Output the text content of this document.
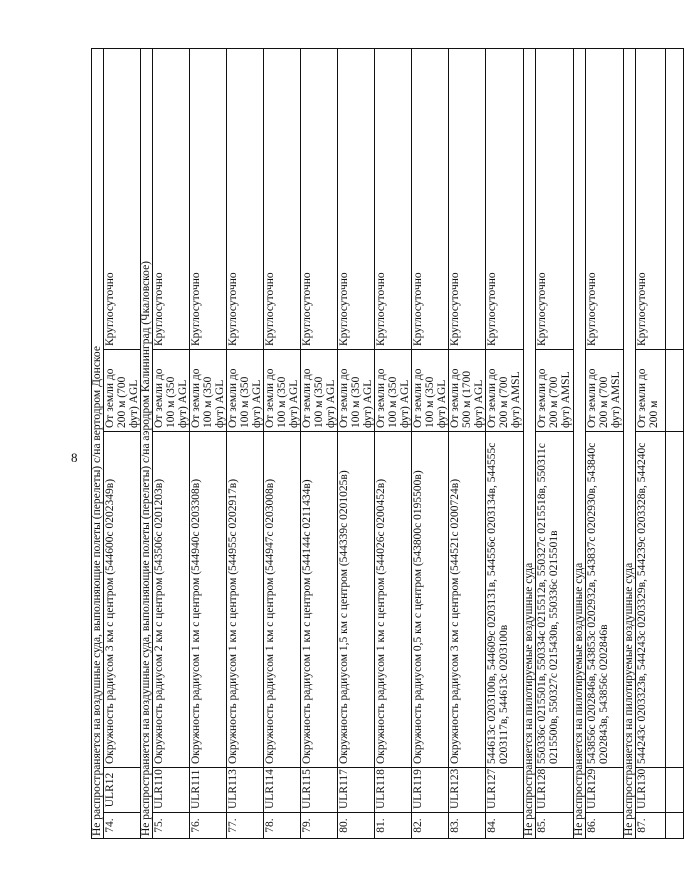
8 Не распространяется на воздушные суда, выполняющие полеты (перелеты) с/на вертодром Донское				
74.	ULR12	Окружность радиусом 3 км с центром (544600с 0202349в)	От земли до 200 м (700 фут) AGL	Круглосуточно
Не распространяется на воздушные суда, выполняющие полеты (перелеты) с/на аэродром Калининград (Чкаловское)				
75.	ULR110	Окружность радиусом 2 км с центром (543506с 0201203в)	От земли до 100 м (350 фут) AGL	Круглосуточно
76.	ULR111	Окружность радиусом 1 км с центром (544940с 0203308в)	От земли до 100 м (350 фут) AGL	Круглосуточно
77.	ULR113	Окружность радиусом 1 км с центром (544955с 0202917в)	От земли до 100 м (350 фут) AGL	Круглосуточно
78.	ULR114	Окружность радиусом 1 км с центром (544947с 0203008в)	От земли до 100 м (350 фут) AGL	Круглосуточно
79.	ULR115	Окружность радиусом 1 км с центром (544144с 0211434в)	От земли до 100 м (350 фут) AGL	Круглосуточно
80.	ULR117	Окружность радиусом 1,5 км с центром (544339с 0201025в)	От земли до 100 м (350 фут) AGL	Круглосуточно
81.	ULR118	Окружность радиусом 1 км с центром (544026с 0200452в)	От земли до 100 м (350 фут) AGL	Круглосуточно
82.	ULR119	Окружность радиусом 0,5 км с центром (543800с 0195500в)	От земли до 100 м (350 фут) AGL	Круглосуточно
83.	ULR123	Окружность радиусом 3 км с центром (544521с 0200724в)	От земли до 500 м (1700 фут) AGL	Круглосуточно
84.	ULR127	544613с 0203100в, 544609с 0203131в, 544556с 0203134в, 544555с 0203117в, 544613с 0203100в	От земли до 200 м (700 фут) AMSL	Круглосуточно
Не распространяется на пилотируемые воздушные суда				
85.	ULR128	550336с 0215501в, 550334с 0215512в, 550327с 0215518в, 550311с 0215500в, 550327с 0215430в, 550336с 0215501в	От земли до 200 м (700 фут) AMSL	Круглосуточно
Не распространяется на пилотируемые воздушные суда				
86.	ULR129	543856с 0202846в, 543853с 0202932в, 543837с 0202930в, 543840с 0202843в, 543856с 0202846в	От земли до 200 м (700 фут) AMSL	Круглосуточно
Не распространяется на пилотируемые воздушные суда				
87.	ULR130	544243с 0203323в, 544243с 0203329в, 544239с 0203328в, 544240с	От земли до 200 м	Круглосуточно
